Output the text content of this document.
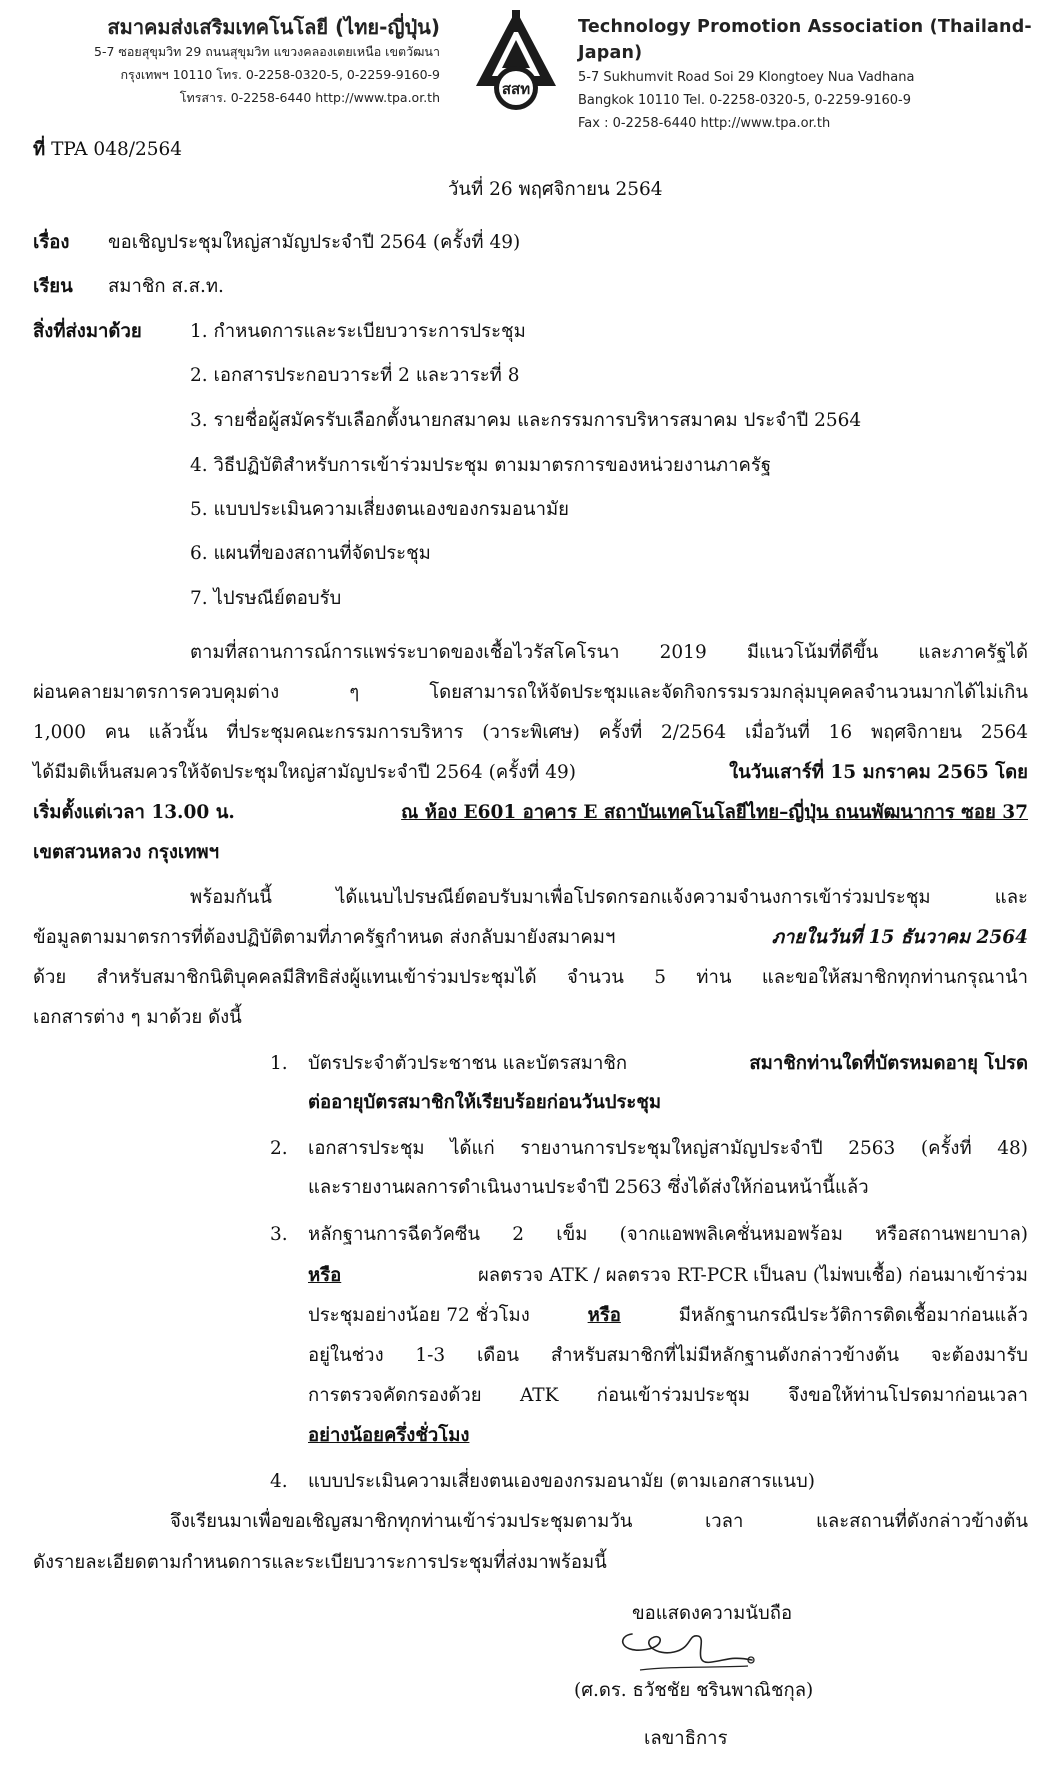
สมาคมส่งเสริมเทคโนโลยี (ไทย-ญี่ปุ่น)
5-7 ซอยสุขุมวิท 29 ถนนสุขุมวิท แขวงคลองเตยเหนือ เขตวัฒนา
กรุงเทพฯ 10110 โทร. 0-2258-0320-5, 0-2259-9160-9
โทรสาร. 0-2258-6440 http://www.tpa.or.th	สสท
Technology Promotion Association (Thailand-Japan)
5-7 Sukhumvit Road Soi 29 Klongtoey Nua Vadhana
Bangkok 10110 Tel. 0-2258-0320-5, 0-2259-9160-9
Fax : 0-2258-6440 http://www.tpa.or.th
ที่ TPA 048/2564
วันที่ 26 พฤศจิกายน 2564
เรื่อง ขอเชิญประชุมใหญ่สามัญประจำปี 2564 (ครั้งที่ 49)
เรียน สมาชิก ส.ส.ท.
สิ่งที่ส่งมาด้วย	1. กำหนดการและระเบียบวาระการประชุม
2. เอกสารประกอบวาระที่ 2 และวาระที่ 8
3. รายชื่อผู้สมัครรับเลือกตั้งนายกสมาคม และกรรมการบริหารสมาคม ประจำปี 2564
4. วิธีปฏิบัติสำหรับการเข้าร่วมประชุม ตามมาตรการของหน่วยงานภาครัฐ
5. แบบประเมินความเสี่ยงตนเองของกรมอนามัย
6. แผนที่ของสถานที่จัดประชุม
7. ไปรษณีย์ตอบรับ
ตามที่สถานการณ์การแพร่ระบาดของเชื้อไวรัสโคโรนา 2019 มีแนวโน้มที่ดีขึ้น และภาครัฐได้
ผ่อนคลายมาตรการควบคุมต่าง ๆ โดยสามารถให้จัดประชุมและจัดกิจกรรมรวมกลุ่มบุคคลจำนวนมากได้ไม่เกิน
1,000 คน แล้วนั้น ที่ประชุมคณะกรรมการบริหาร (วาระพิเศษ) ครั้งที่ 2/2564 เมื่อวันที่ 16 พฤศจิกายน 2564
ได้มีมติเห็นสมควรให้จัดประชุมใหญ่สามัญประจำปี 2564 (ครั้งที่ 49)	ในวันเสาร์ที่ 15 มกราคม 2565 โดย
เริ่มตั้งแต่เวลา 13.00 น.	ณ ห้อง E601 อาคาร E สถาบันเทคโนโลยีไทย–ญี่ปุ่น ถนนพัฒนาการ ซอย 37
เขตสวนหลวง กรุงเทพฯ
พร้อมกันนี้ ได้แนบไปรษณีย์ตอบรับมาเพื่อโปรดกรอกแจ้งความจำนงการเข้าร่วมประชุม และ
ข้อมูลตามมาตรการที่ต้องปฏิบัติตามที่ภาครัฐกำหนด ส่งกลับมายังสมาคมฯ	ภายในวันที่ 15 ธันวาคม 2564
ด้วย สำหรับสมาชิกนิติบุคคลมีสิทธิส่งผู้แทนเข้าร่วมประชุมได้ จำนวน 5 ท่าน และขอให้สมาชิกทุกท่านกรุณานำ
เอกสารต่าง ๆ มาด้วย ดังนี้
1. บัตรประจำตัวประชาชน และบัตรสมาชิก	สมาชิกท่านใดที่บัตรหมดอายุ โปรด
ต่ออายุบัตรสมาชิกให้เรียบร้อยก่อนวันประชุม
2. เอกสารประชุม ได้แก่ รายงานการประชุมใหญ่สามัญประจำปี 2563 (ครั้งที่ 48)
และรายงานผลการดำเนินงานประจำปี 2563 ซึ่งได้ส่งให้ก่อนหน้านี้แล้ว
3. หลักฐานการฉีดวัคซีน 2 เข็ม (จากแอพพลิเคชั่นหมอพร้อม หรือสถานพยาบาล)
หรือ	ผลตรวจ ATK / ผลตรวจ RT-PCR เป็นลบ (ไม่พบเชื้อ) ก่อนมาเข้าร่วม
ประชุมอย่างน้อย 72 ชั่วโมง	หรือ	มีหลักฐานกรณีประวัติการติดเชื้อมาก่อนแล้ว
อยู่ในช่วง 1-3 เดือน สำหรับสมาชิกที่ไม่มีหลักฐานดังกล่าวข้างต้น จะต้องมารับ
การตรวจคัดกรองด้วย ATK ก่อนเข้าร่วมประชุม จึงขอให้ท่านโปรดมาก่อนเวลา
อย่างน้อยครึ่งชั่วโมง
4. แบบประเมินความเสี่ยงตนเองของกรมอนามัย (ตามเอกสารแนบ)
จึงเรียนมาเพื่อขอเชิญสมาชิกทุกท่านเข้าร่วมประชุมตามวัน เวลา และสถานที่ดังกล่าวข้างต้น
ดังรายละเอียดตามกำหนดการและระเบียบวาระการประชุมที่ส่งมาพร้อมนี้
ขอแสดงความนับถือ
(ศ.ดร. ธวัชชัย ชรินพาณิชกุล)
เลขาธิการ
